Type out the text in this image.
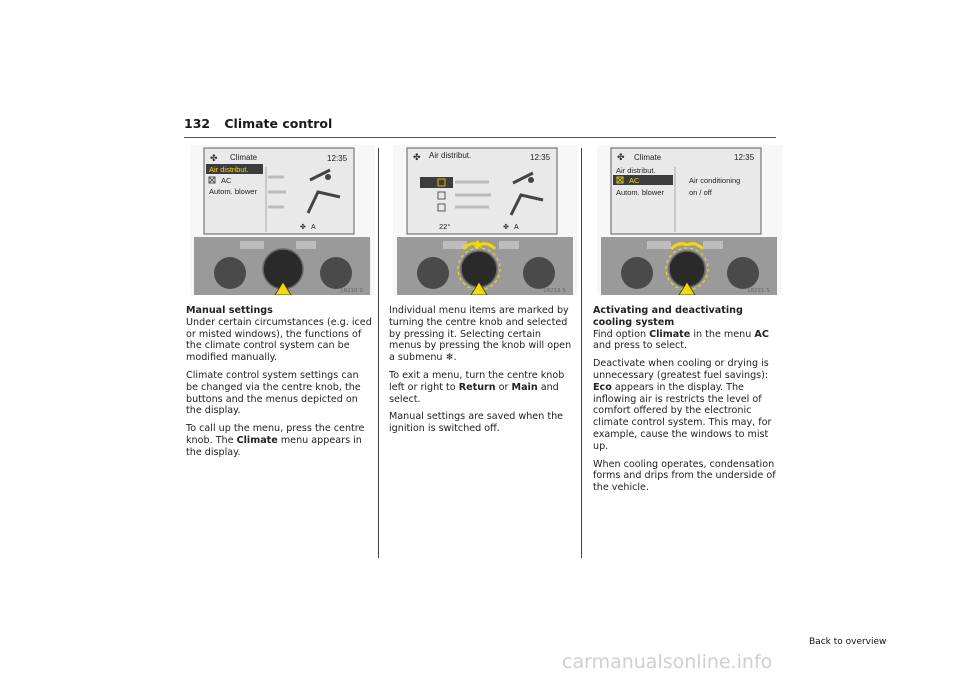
132 Climate control
✤ Climate	12:35
Air distribut.
AC
Autom. blower
✤ A
18218 S
✤ Air distribut.	12:35
22°	✤ A
18219 S
✤ Climate	12:35
Air distribut.
AC
Autom. blower
Air conditioning
on / off
18221 S

Manual settings
Under certain circumstances (e.g. iced or misted windows), the functions of the climate control system can be modified manually.

Climate control system settings can be changed via the centre knob, the buttons and the menus depicted on the display.

To call up the menu, press the centre knob. The Climate menu appears in the display.

Individual menu items are marked by turning the centre knob and selected by pressing it. Selecting certain menus by pressing the knob will open a submenu ❄.

To exit a menu, turn the centre knob left or right to Return or Main and select.

Manual settings are saved when the ignition is switched off.

Activating and deactivating cooling system
Find option Climate in the menu AC and press to select.

Deactivate when cooling or drying is unnecessary (greatest fuel savings): Eco appears in the display. The inflowing air is restricts the level of comfort offered by the electronic climate control system. This may, for example, cause the windows to mist up.

When cooling operates, condensation forms and drips from the underside of the vehicle.

Back to overview
carmanualsonline.info
